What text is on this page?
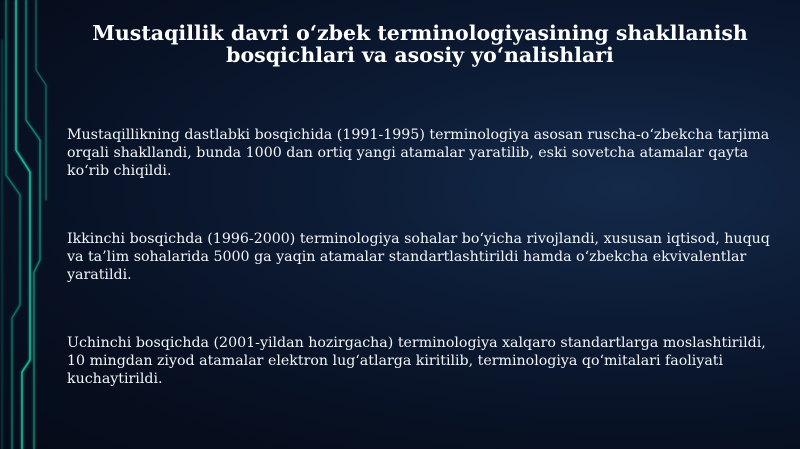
Mustaqillik davri o‘zbek terminologiyasining shakllanish bosqichlari va asosiy yo‘nalishlari

Mustaqillikning dastlabki bosqichida (1991-1995) terminologiya asosan ruscha-o‘zbekcha tarjima orqali shakllandi, bunda 1000 dan ortiq yangi atamalar yaratilib, eski sovetcha atamalar qayta ko‘rib chiqildi.

Ikkinchi bosqichda (1996-2000) terminologiya sohalar bo‘yicha rivojlandi, xususan iqtisod, huquq va ta’lim sohalarida 5000 ga yaqin atamalar standartlashtirildi hamda o‘zbekcha ekvivalentlar yaratildi.

Uchinchi bosqichda (2001-yildan hozirgacha) terminologiya xalqaro standartlarga moslashtirildi, 10 mingdan ziyod atamalar elektron lug‘atlarga kiritilib, terminologiya qo‘mitalari faoliyati kuchaytirildi.
